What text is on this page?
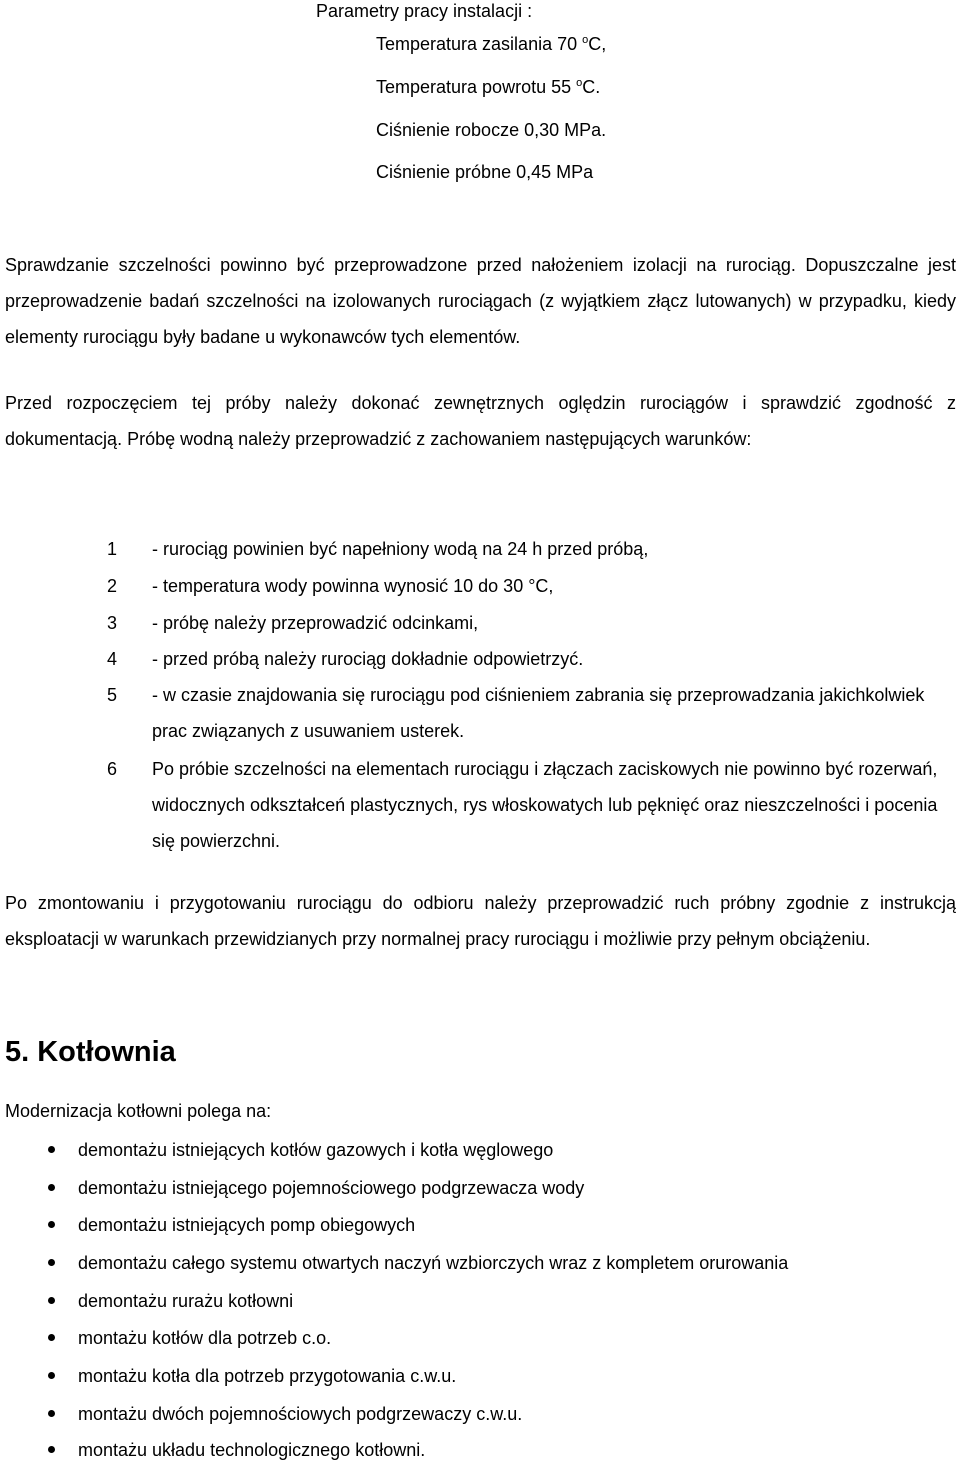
Parametry pracy instalacji :
Temperatura zasilania 70 $^o$C,
Temperatura powrotu 55 $^o$C.
Ciśnienie robocze 0,30 MPa.
Ciśnienie próbne 0,45 MPa
Sprawdzanie szczelności powinno być przeprowadzone przed nałożeniem izolacji na rurociąg. Dopuszczalne jest przeprowadzenie badań szczelności na izolowanych rurociągach (z wyjątkiem złącz lutowanych) w przypadku, kiedy elementy rurociągu były badane u wykonawców tych elementów.
Przed rozpoczęciem tej próby należy dokonać zewnętrznych oględzin rurociągów i sprawdzić zgodność z dokumentacją. Próbę wodną należy przeprowadzić z zachowaniem następujących warunków:
1 - rurociąg powinien być napełniony wodą na 24 h przed próbą,
2 - temperatura wody powinna wynosić 10 do 30 °C,
3 - próbę należy przeprowadzić odcinkami,
4 - przed próbą należy rurociąg dokładnie odpowietrzyć.
5 - w czasie znajdowania się rurociągu pod ciśnieniem zabrania się przeprowadzania jakichkolwiek prac związanych z usuwaniem usterek.
6 Po próbie szczelności na elementach rurociągu i złączach zaciskowych nie powinno być rozerwań, widocznych odkształceń plastycznych, rys włoskowatych lub pęknięć oraz nieszczelności i pocenia się powierzchni.
Po zmontowaniu i przygotowaniu rurociągu do odbioru należy przeprowadzić ruch próbny zgodnie z instrukcją eksploatacji w warunkach przewidzianych przy normalnej pracy rurociągu i możliwie przy pełnym obciążeniu.
5. Kotłownia
Modernizacja kotłowni polega na:
demontażu istniejących kotłów gazowych i kotła węglowego
demontażu istniejącego pojemnościowego podgrzewacza wody
demontażu istniejących pomp obiegowych
demontażu całego systemu otwartych naczyń wzbiorczych wraz z kompletem orurowania
demontażu rurażu kotłowni
montażu kotłów dla potrzeb c.o.
montażu kotła dla potrzeb przygotowania c.w.u.
montażu dwóch pojemnościowych podgrzewaczy c.w.u.
montażu układu technologicznego kotłowni.
